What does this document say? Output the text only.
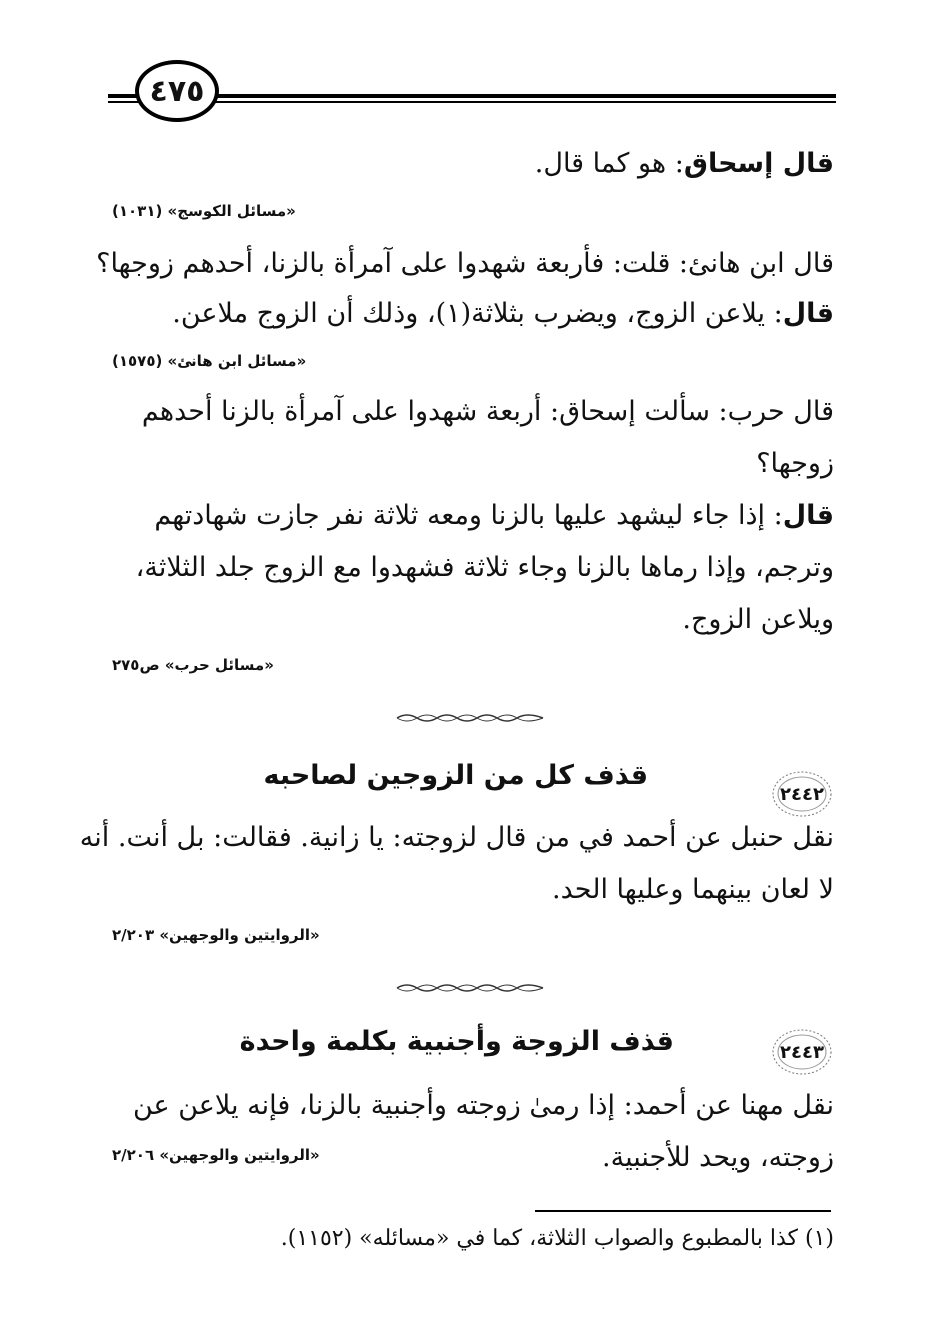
٤٧٥
قال إسحاق: هو كما قال.
«مسائل الكوسج» (١٠٣١)
قال ابن هانئ: قلت: فأربعة شهدوا على آمرأة بالزنا، أحدهم زوجها؟
قال: يلاعن الزوج، ويضرب بثلاثة(١)، وذلك أن الزوج ملاعن.
«مسائل ابن هانئ» (١٥٧٥)
قال حرب: سألت إسحاق: أربعة شهدوا على آمرأة بالزنا أحدهم
زوجها؟
قال: إذا جاء ليشهد عليها بالزنا ومعه ثلاثة نفر جازت شهادتهم
وترجم، وإذا رماها بالزنا وجاء ثلاثة فشهدوا مع الزوج جلد الثلاثة،
ويلاعن الزوج.
«مسائل حرب» ص٢٧٥
٢٤٤٢
قذف كل من الزوجين لصاحبه
نقل حنبل عن أحمد في من قال لزوجته: يا زانية. فقالت: بل أنت. أنه
لا لعان بينهما وعليها الحد.
«الروايتين والوجهين» ٢/٢٠٣
٢٤٤٣
قذف الزوجة وأجنبية بكلمة واحدة
نقل مهنا عن أحمد: إذا رمىٰ زوجته وأجنبية بالزنا، فإنه يلاعن عن
زوجته، ويحد للأجنبية.
«الروايتين والوجهين» ٢/٢٠٦
(١) كذا بالمطبوع والصواب الثلاثة، كما في «مسائله» (١١٥٢).
